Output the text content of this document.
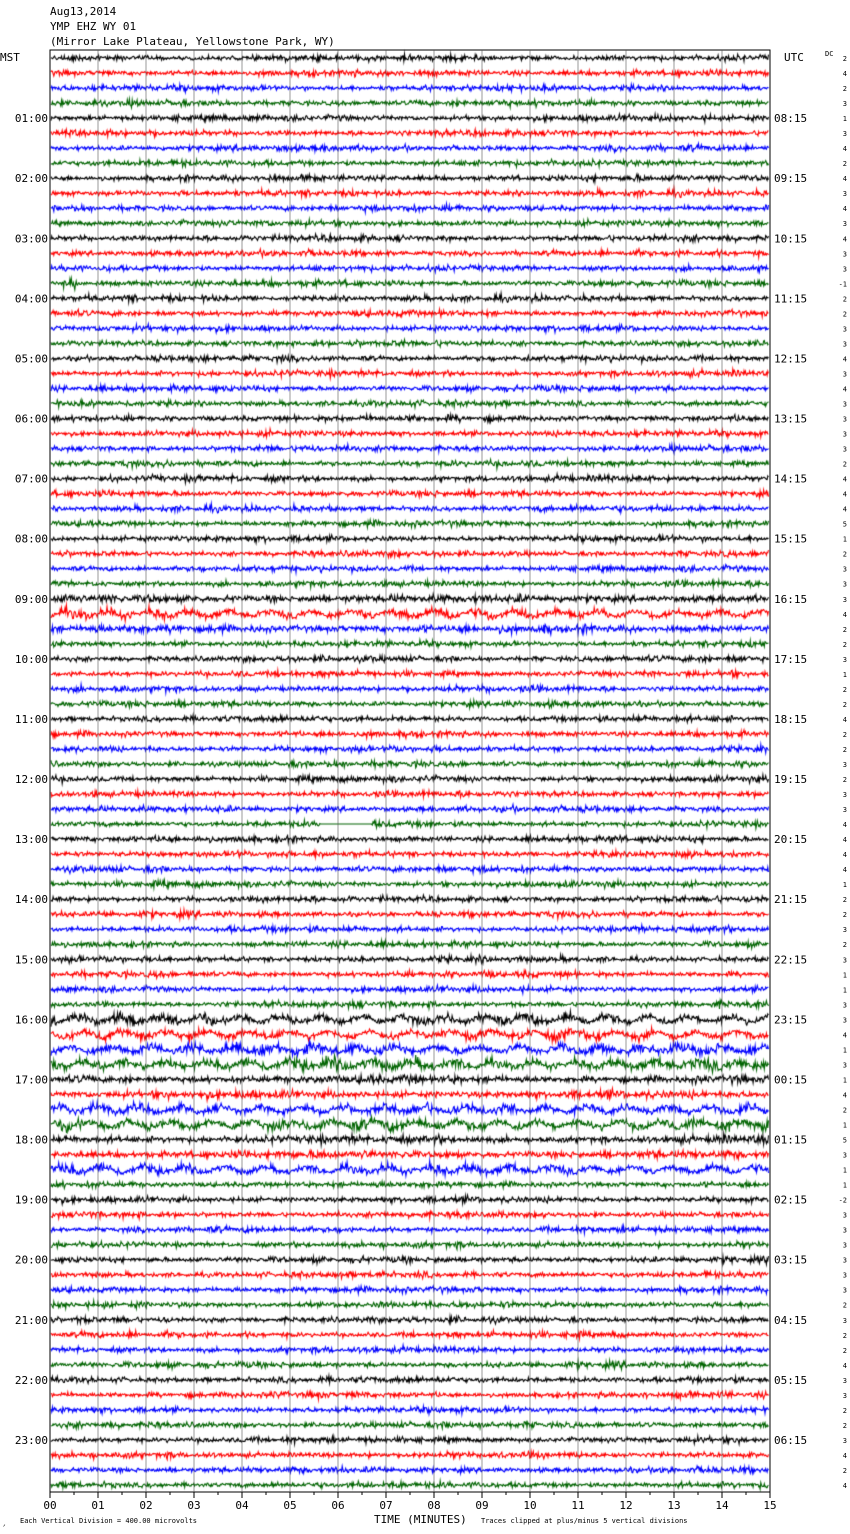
Aug13,2014
YMP EHZ WY 01
(Mirror Lake Plateau, Yellowstone Park, WY)
00	01	02	03	04	05	06	07	08	09	10	11	12	13	14	15
01:00	08:15
02:00	09:15
03:00	10:15
04:00	11:15
05:00	12:15
06:00	13:15
07:00	14:15
08:00	15:15
09:00	16:15
10:00	17:15
11:00	18:15
12:00	19:15
13:00	20:15
14:00	21:15
15:00	22:15
16:00	23:15
17:00	00:15
18:00	01:15
19:00	02:15
20:00	03:15
21:00	04:15
22:00	05:15
23:00	06:15
2
4
2
3
1
3
4
2
4
3
4
3
4
3
3
-1
2
2
3
3
4
3
4
3
3
3
3
2
4
4
4
5
1
2
3
3
3
4
2
2
3
1
2
2
4
2
2
3
2
3
3
4
4
4
4
1
2
2
3
2
3
1
1
3
3
4
1
3
1
4
2
1
5
3
1
1
-2
3
3
3
3
3
3
2
3
2
2
4
3
3
2
2
3
4
2
4
MST	UTC	DC
TIME (MINUTES)
Each Vertical Division = 400.00 microvolts	Traces clipped at plus/minus 5 vertical divisions
◞
